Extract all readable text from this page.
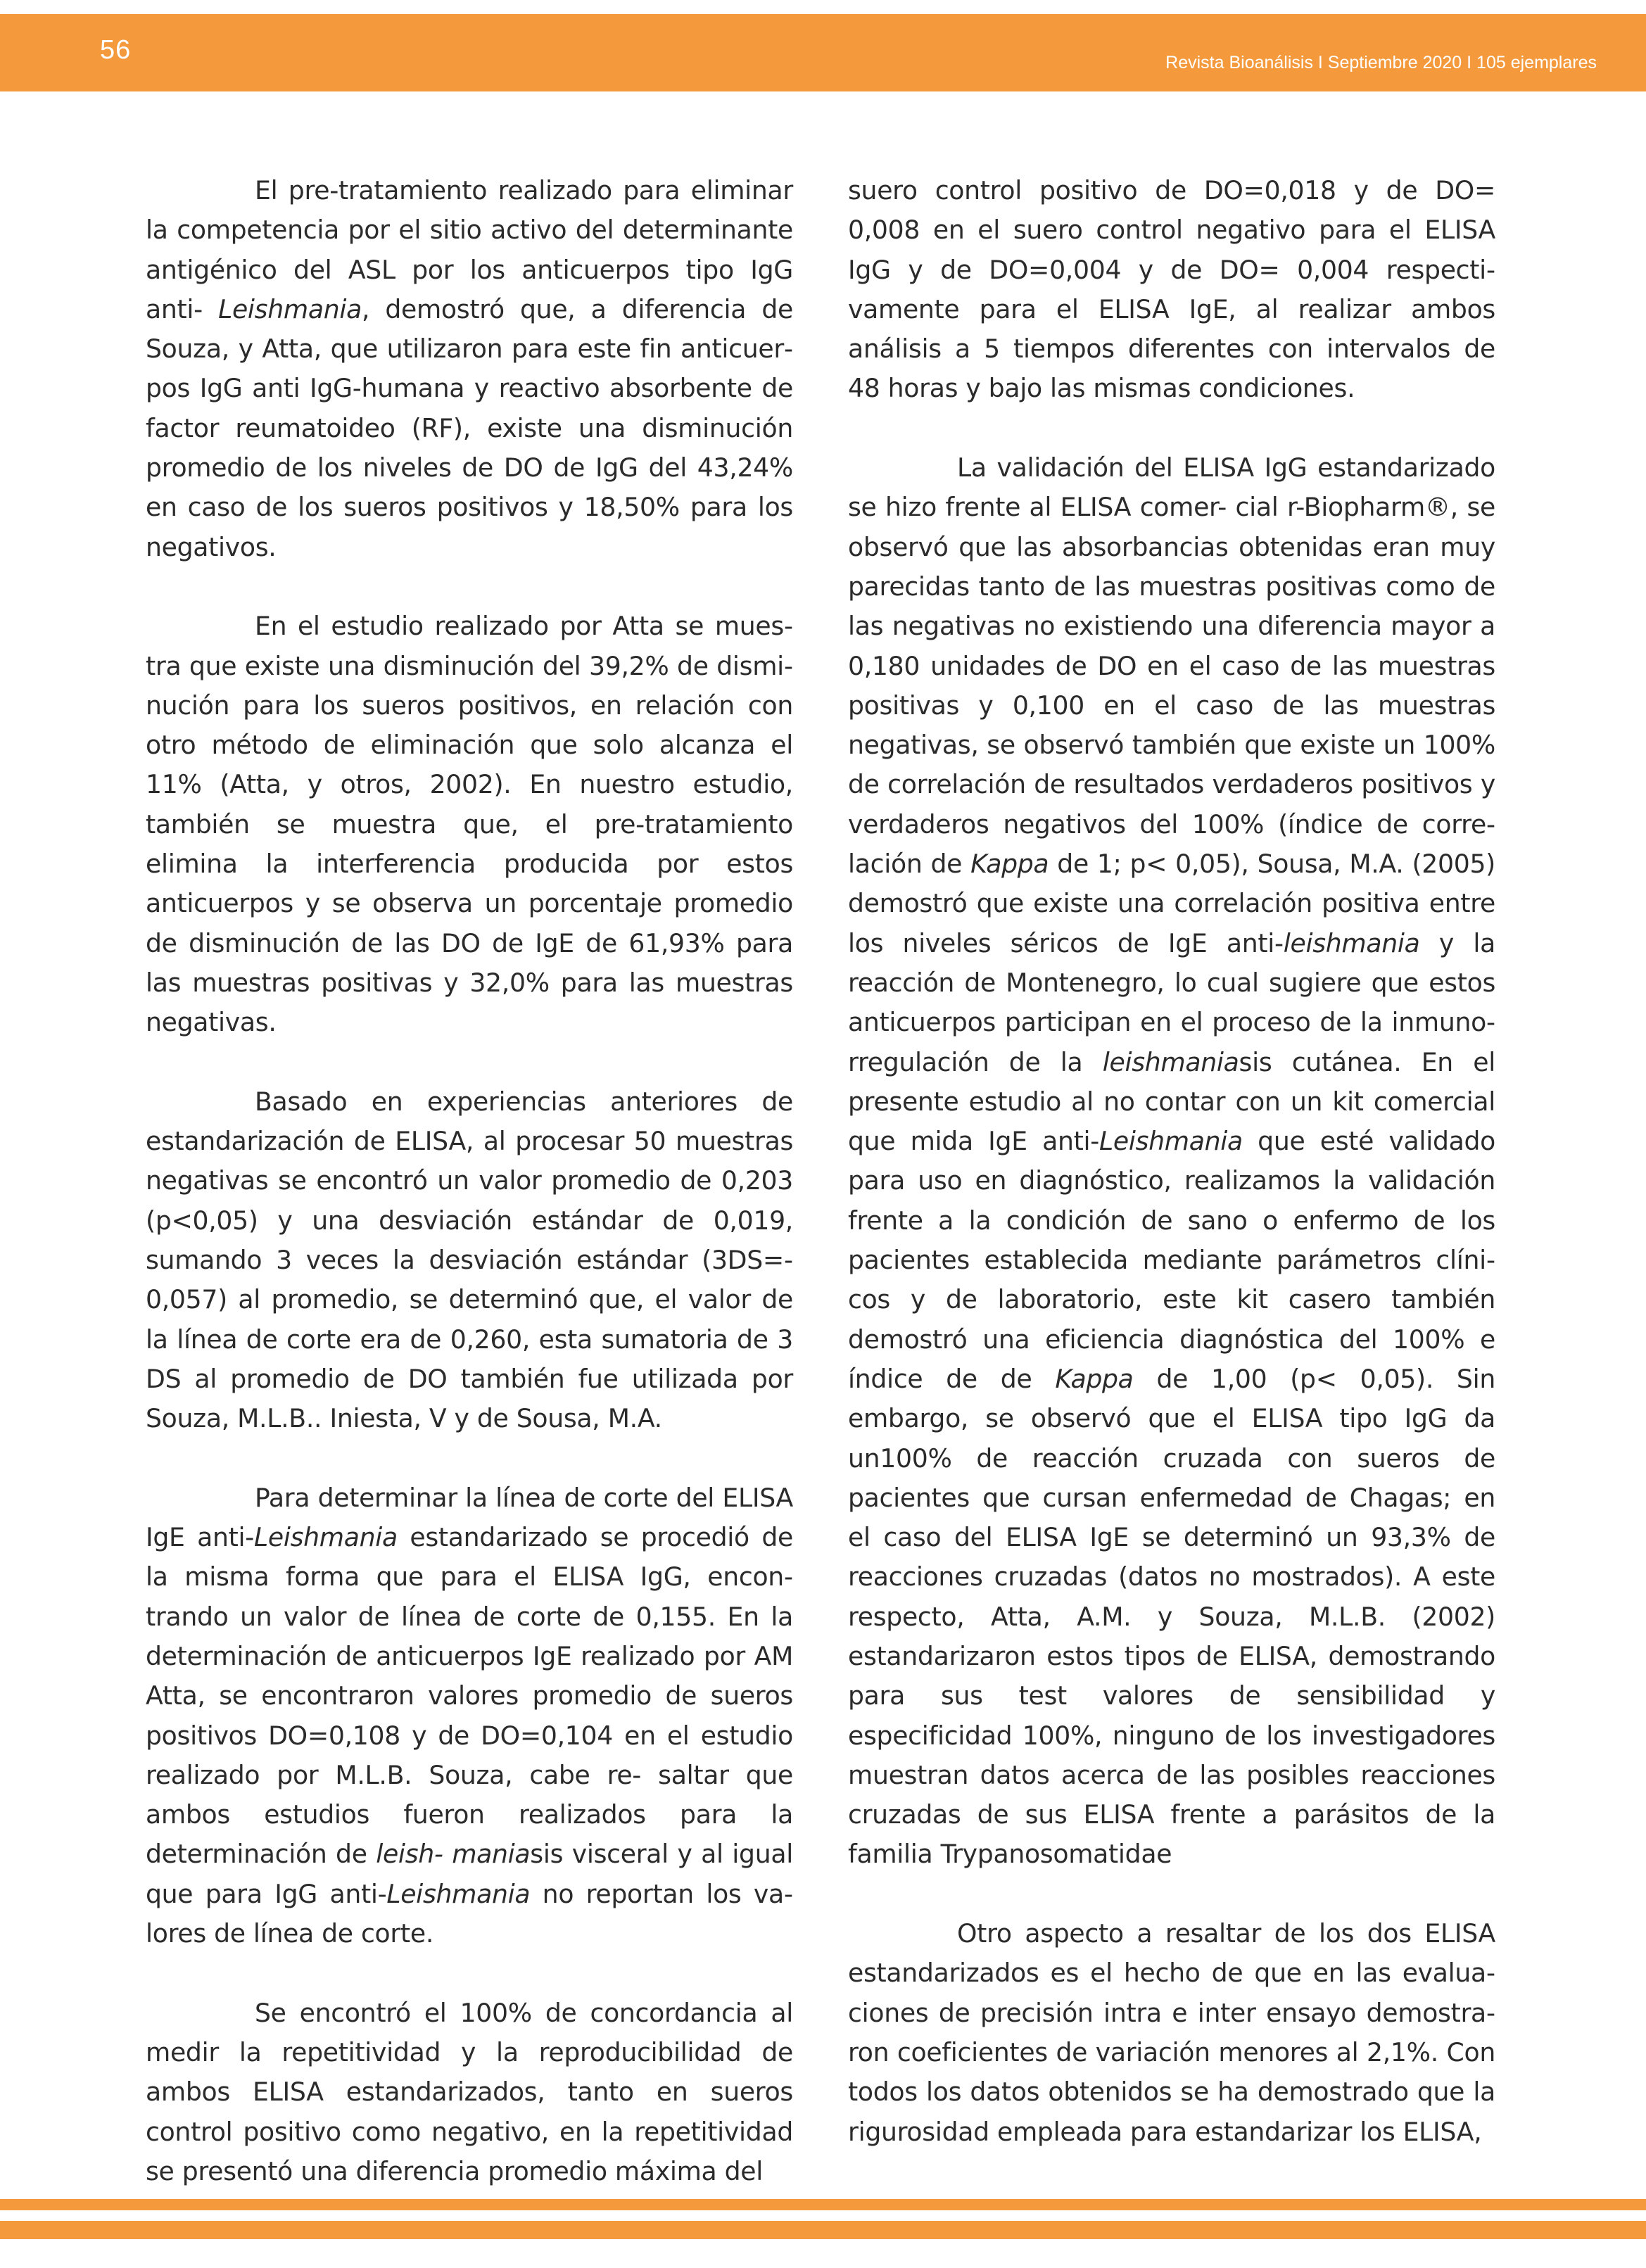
56	Revista Bioanálisis I Septiembre 2020 I 105 ejemplares

El pre-tratamiento realizado para eliminar la competencia por el sitio activo del determinante antigénico del ASL por los anticuerpos tipo IgG anti- Leishmania, demostró que, a diferencia de Souza, y Atta, que utilizaron para este fin anticuerpos IgG anti IgG-humana y reactivo absorbente de factor reumatoideo (RF), existe una disminución promedio de los niveles de DO de IgG del 43,24% en caso de los sueros positivos y 18,50% para los negativos.

En el estudio realizado por Atta se muestra que existe una disminución del 39,2% de disminución para los sueros positivos, en relación con otro método de eliminación que solo alcanza el 11% (Atta, y otros, 2002). En nuestro estudio, también se muestra que, el pre-tratamiento elimina la interferencia producida por estos anticuerpos y se observa un porcentaje promedio de disminución de las DO de IgE de 61,93% para las muestras positivas y 32,0% para las muestras negativas.

Basado en experiencias anteriores de estandarización de ELISA, al procesar 50 muestras negativas se encontró un valor promedio de 0,203 (p<0,05) y una desviación estándar de 0,019, sumando 3 veces la desviación estándar (3DS=0,057) al promedio, se determinó que, el valor de la línea de corte era de 0,260, esta sumatoria de 3 DS al promedio de DO también fue utilizada por Souza, M.L.B.. Iniesta, V y de Sousa, M.A.

Para determinar la línea de corte del ELISA IgE anti-Leishmania estandarizado se procedió de la misma forma que para el ELISA IgG, encontrando un valor de línea de corte de 0,155. En la determinación de anticuerpos IgE realizado por AM Atta, se encontraron valores promedio de sueros positivos DO=0,108 y de DO=0,104 en el estudio realizado por M.L.B. Souza, cabe re- saltar que ambos estudios fueron realizados para la determinación de leish- maniasis visceral y al igual que para IgG anti-Leishmania no reportan los valores de línea de corte.

Se encontró el 100% de concordancia al medir la repetitividad y la reproducibilidad de ambos ELISA estandarizados, tanto en sueros control positivo como negativo, en la repetitividad se presentó una diferencia promedio máxima del

suero control positivo de DO=0,018 y de DO= 0,008 en el suero control negativo para el ELISA IgG y de DO=0,004 y de DO= 0,004 respectivamente para el ELISA IgE, al realizar ambos análisis a 5 tiempos diferentes con intervalos de 48 horas y bajo las mismas condiciones.

La validación del ELISA IgG estandarizado se hizo frente al ELISA comer- cial r-Biopharm®, se observó que las absorbancias obtenidas eran muy parecidas tanto de las muestras positivas como de las negativas no existiendo una diferencia mayor a 0,180 unidades de DO en el caso de las muestras positivas y 0,100 en el caso de las muestras negativas, se observó también que existe un 100% de correlación de resultados verdaderos positivos y verdaderos negativos del 100% (índice de correlación de Kappa de 1; p< 0,05), Sousa, M.A. (2005) demostró que existe una correlación positiva entre los niveles séricos de IgE anti-leishmania y la reacción de Montenegro, lo cual sugiere que estos anticuerpos participan en el proceso de la inmunorregulación de la leishmaniasis cutánea. En el presente estudio al no contar con un kit comercial que mida IgE anti-Leishmania que esté validado para uso en diagnóstico, realizamos la validación frente a la condición de sano o enfermo de los pacientes establecida mediante parámetros clínicos y de laboratorio, este kit casero también demostró una eficiencia diagnóstica del 100% e índice de de Kappa de 1,00 (p< 0,05). Sin embargo, se observó que el ELISA tipo IgG da un100% de reacción cruzada con sueros de pacientes que cursan enfermedad de Chagas; en el caso del ELISA IgE se determinó un 93,3% de reacciones cruzadas (datos no mostrados). A este respecto, Atta, A.M. y Souza, M.L.B. (2002) estandarizaron estos tipos de ELISA, demostrando para sus test valores de sensibilidad y especificidad 100%, ninguno de los investigadores muestran datos acerca de las posibles reacciones cruzadas de sus ELISA frente a parásitos de la familia Trypanosomatidae

Otro aspecto a resaltar de los dos ELISA estandarizados es el hecho de que en las evaluaciones de precisión intra e inter ensayo demostraron coeficientes de variación menores al 2,1%. Con todos los datos obtenidos se ha demostrado que la rigurosidad empleada para estandarizar los ELISA,
